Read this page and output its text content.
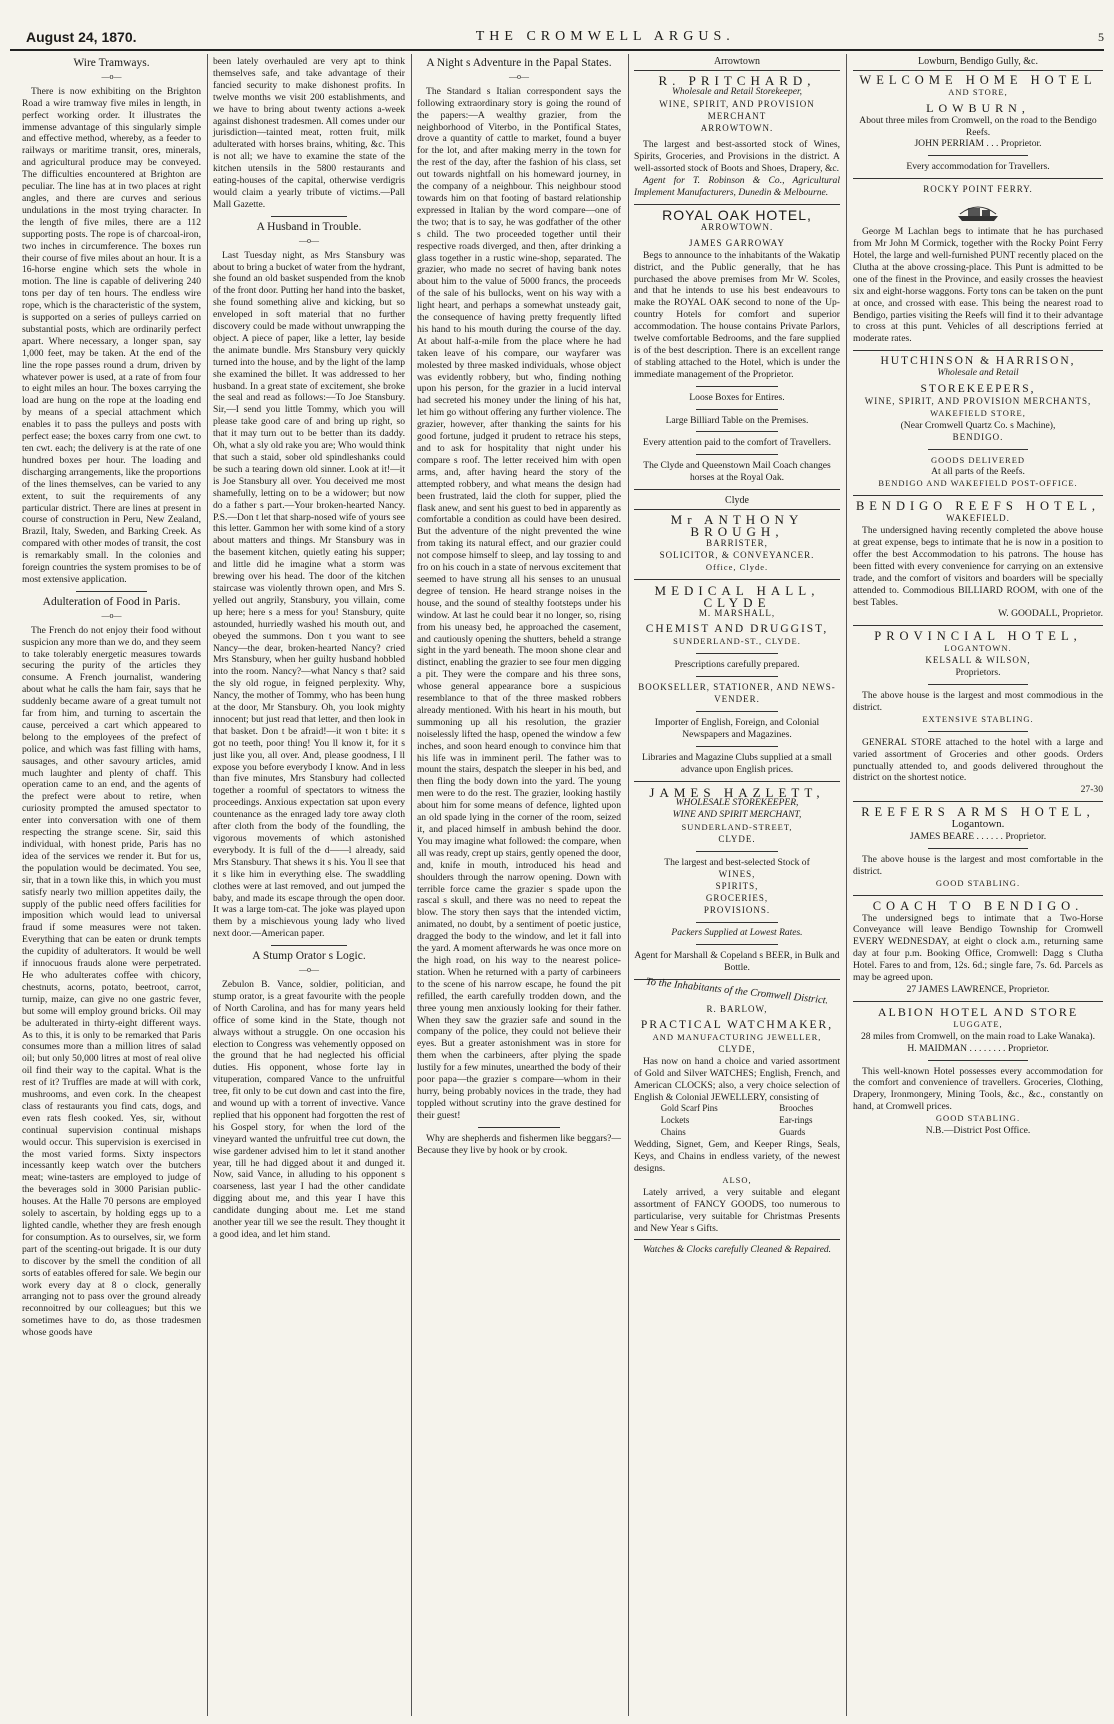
August 24, 1870.	THE CROMWELL ARGUS.	5
Wire Tramways.
—o—

There is now exhibiting on the Brighton Road a wire tramway five miles in length, in perfect working order. It illustrates the immense advantage of this singularly simple and effective method, whereby, as a feeder to railways or maritime transit, ores, minerals, and agricultural produce may be conveyed. The difficulties encountered at Brighton are peculiar. The line has at in two places at right angles, and there are curves and serious undulations in the most trying character. In the length of five miles, there are a 112 supporting posts. The rope is of charcoal-iron, two inches in circumference. The boxes run their course of five miles about an hour. It is a 16-horse engine which sets the whole in motion. The line is capable of delivering 240 tons per day of ten hours. The endless wire rope, which is the characteristic of the system, is supported on a series of pulleys carried on substantial posts, which are ordinarily perfect apart. Where necessary, a longer span, say 1,000 feet, may be taken. At the end of the line the rope passes round a drum, driven by whatever power is used, at a rate of from four to eight miles an hour. The boxes carrying the load are hung on the rope at the loading end by means of a special attachment which enables it to pass the pulleys and posts with perfect ease; the boxes carry from one cwt. to ten cwt. each; the delivery is at the rate of one hundred boxes per hour. The loading and discharging arrangements, like the proportions of the lines themselves, can be varied to any extent, to suit the requirements of any particular district. There are lines at present in course of construction in Peru, New Zealand, Brazil, Italy, Sweden, and Barking Creek. As compared with other modes of transit, the cost is remarkably small. In the colonies and foreign countries the system promises to be of most extensive application.

Adulteration of Food in Paris.
—o—

The French do not enjoy their food without suspicion any more than we do, and they seem to take tolerably energetic measures towards securing the purity of the articles they consume. A French journalist, wandering about what he calls the ham fair, says that he suddenly became aware of a great tumult not far from him, and turning to ascertain the cause, perceived a cart which appeared to belong to the employees of the prefect of police, and which was fast filling with hams, sausages, and other savoury articles, amid much laughter and plenty of chaff. This operation came to an end, and the agents of the prefect were about to retire, when curiosity prompted the amused spectator to enter into conversation with one of them respecting the strange scene. Sir, said this individual, with honest pride, Paris has no idea of the services we render it. But for us, the population would be decimated. You see, sir, that in a town like this, in which you must satisfy nearly two million appetites daily, the supply of the public need offers facilities for imposition which would lead to universal fraud if some measures were not taken. Everything that can be eaten or drunk tempts the cupidity of adulterators. It would be well if innocuous frauds alone were perpetrated. He who adulterates coffee with chicory, chestnuts, acorns, potato, beetroot, carrot, turnip, maize, can give no one gastric fever, but some will employ ground bricks. Oil may be adulterated in thirty-eight different ways. As to this, it is only to be remarked that Paris consumes more than a million litres of salad oil; but only 50,000 litres at most of real olive oil find their way to the capital. What is the rest of it? Truffles are made at will with cork, mushrooms, and even cork. In the cheapest class of restaurants you find cats, dogs, and even rats flesh cooked. Yes, sir, without continual supervision continual mishaps would occur. This supervision is exercised in the most varied forms. Sixty inspectors incessantly keep watch over the butchers meat; wine-tasters are employed to judge of the beverages sold in 3000 Parisian public-houses. At the Halle 70 persons are employed solely to ascertain, by holding eggs up to a lighted candle, whether they are fresh enough for consumption. As to ourselves, sir, we form part of the scenting-out brigade. It is our duty to discover by the smell the condition of all sorts of eatables offered for sale. We begin our work every day at 8 o clock, generally arranging not to pass over the ground already reconnoitred by our colleagues; but this we sometimes have to do, as those tradesmen whose goods have

been lately overhauled are very apt to think themselves safe, and take advantage of their fancied security to make dishonest profits. In twelve months we visit 200 establishments, and we have to bring about twenty actions a-week against dishonest tradesmen. All comes under our jurisdiction—tainted meat, rotten fruit, milk adulterated with horses brains, whiting, &c. This is not all; we have to examine the state of the kitchen utensils in the 5800 restaurants and eating-houses of the capital, otherwise verdigris would claim a yearly tribute of victims.—Pall Mall Gazette.

A Husband in Trouble.
—o—

Last Tuesday night, as Mrs Stansbury was about to bring a bucket of water from the hydrant, she found an old basket suspended from the knob of the front door. Putting her hand into the basket, she found something alive and kicking, but so enveloped in soft material that no further discovery could be made without unwrapping the object. A piece of paper, like a letter, lay beside the animate bundle. Mrs Stansbury very quickly turned into the house, and by the light of the lamp she examined the billet. It was addressed to her husband. In a great state of excitement, she broke the seal and read as follows:—To Joe Stansbury. Sir,—I send you little Tommy, which you will please take good care of and bring up right, so that it may turn out to be better than its daddy. Oh, what a sly old rake you are; Who would think that such a staid, sober old spindleshanks could be such a tearing down old sinner. Look at it!—it is Joe Stansbury all over. You deceived me most shamefully, letting on to be a widower; but now do a father s part.—Your broken-hearted Nancy. P.S.—Don t let that sharp-nosed wife of yours see this letter. Gammon her with some kind of a story about matters and things. Mr Stansbury was in the basement kitchen, quietly eating his supper; and little did he imagine what a storm was brewing over his head. The door of the kitchen staircase was violently thrown open, and Mrs S. yelled out angrily, Stansbury, you villain, come up here; here s a mess for you! Stansbury, quite astounded, hurriedly washed his mouth out, and obeyed the summons. Don t you want to see Nancy—the dear, broken-hearted Nancy? cried Mrs Stansbury, when her guilty husband hobbled into the room. Nancy?—what Nancy s that? said the sly old rogue, in feigned perplexity. Why, Nancy, the mother of Tommy, who has been hung at the door, Mr Stansbury. Oh, you look mighty innocent; but just read that letter, and then look in that basket. Don t be afraid!—it won t bite: it s got no teeth, poor thing! You ll know it, for it s just like you, all over. And, please goodness, I ll expose you before everybody I know. And in less than five minutes, Mrs Stansbury had collected together a roomful of spectators to witness the proceedings. Anxious expectation sat upon every countenance as the enraged lady tore away cloth after cloth from the body of the foundling, the vigorous movements of which astonished everybody. It is full of the d——l already, said Mrs Stansbury. That shews it s his. You ll see that it s like him in everything else. The swaddling clothes were at last removed, and out jumped the baby, and made its escape through the open door. It was a large tom-cat. The joke was played upon them by a mischievous young lady who lived next door.—American paper.

A Stump Orator s Logic.
—o—

Zebulon B. Vance, soldier, politician, and stump orator, is a great favourite with the people of North Carolina, and has for many years held office of some kind in the State, though not always without a struggle. On one occasion his election to Congress was vehemently opposed on the ground that he had neglected his official duties. His opponent, whose forte lay in vituperation, compared Vance to the unfruitful tree, fit only to be cut down and cast into the fire, and wound up with a torrent of invective. Vance replied that his opponent had forgotten the rest of his Gospel story, for when the lord of the vineyard wanted the unfruitful tree cut down, the wise gardener advised him to let it stand another year, till he had digged about it and dunged it. Now, said Vance, in alluding to his opponent s coarseness, last year I had the other candidate digging about me, and this year I have this candidate dunging about me. Let me stand another year till we see the result. They thought it a good idea, and let him stand.

A Night s Adventure in the Papal States.
—o—

The Standard s Italian correspondent says the following extraordinary story is going the round of the papers:—A wealthy grazier, from the neighborhood of Viterbo, in the Pontifical States, drove a quantity of cattle to market, found a buyer for the lot, and after making merry in the town for the rest of the day, after the fashion of his class, set out towards nightfall on his homeward journey, in the company of a neighbour. This neighbour stood towards him on that footing of bastard relationship expressed in Italian by the word compare—one of the two; that is to say, he was godfather of the other s child. The two proceeded together until their respective roads diverged, and then, after drinking a glass together in a rustic wine-shop, separated. The grazier, who made no secret of having bank notes about him to the value of 5000 francs, the proceeds of the sale of his bullocks, went on his way with a light heart, and perhaps a somewhat unsteady gait, the consequence of having pretty frequently lifted his hand to his mouth during the course of the day. At about half-a-mile from the place where he had taken leave of his compare, our wayfarer was molested by three masked individuals, whose object was evidently robbery, but who, finding nothing upon his person, for the grazier in a lucid interval had secreted his money under the lining of his hat, let him go without offering any further violence. The grazier, however, after thanking the saints for his good fortune, judged it prudent to retrace his steps, and to ask for hospitality that night under his compare s roof. The letter received him with open arms, and, after having heard the story of the attempted robbery, and what means the design had been frustrated, laid the cloth for supper, plied the flask anew, and sent his guest to bed in apparently as comfortable a condition as could have been desired. But the adventure of the night prevented the wine from taking its natural effect, and our grazier could not compose himself to sleep, and lay tossing to and fro on his couch in a state of nervous excitement that seemed to have strung all his senses to an unusual degree of tension. He heard strange noises in the house, and the sound of stealthy footsteps under his window. At last he could bear it no longer, so, rising from his uneasy bed, he approached the casement, and cautiously opening the shutters, beheld a strange sight in the yard beneath. The moon shone clear and distinct, enabling the grazier to see four men digging a pit. They were the compare and his three sons, whose general appearance bore a suspicious resemblance to that of the three masked robbers already mentioned. With his heart in his mouth, but summoning up all his resolution, the grazier noiselessly lifted the hasp, opened the window a few inches, and soon heard enough to convince him that his life was in imminent peril. The father was to mount the stairs, despatch the sleeper in his bed, and then fling the body down into the yard. The young men were to do the rest. The grazier, looking hastily about him for some means of defence, lighted upon an old spade lying in the corner of the room, seized it, and placed himself in ambush behind the door. You may imagine what followed: the compare, when all was ready, crept up stairs, gently opened the door, and, knife in mouth, introduced his head and shoulders through the narrow opening. Down with terrible force came the grazier s spade upon the rascal s skull, and there was no need to repeat the blow. The story then says that the intended victim, animated, no doubt, by a sentiment of poetic justice, dragged the body to the window, and let it fall into the yard. A moment afterwards he was once more on the high road, on his way to the nearest police-station. When he returned with a party of carbineers to the scene of his narrow escape, he found the pit refilled, the earth carefully trodden down, and the three young men anxiously looking for their father. When they saw the grazier safe and sound in the company of the police, they could not believe their eyes. But a greater astonishment was in store for them when the carbineers, after plying the spade lustily for a few minutes, unearthed the body of their poor papa—the grazier s compare—whom in their hurry, being probably novices in the trade, they had toppled without scrutiny into the grave destined for their guest!

Why are shepherds and fishermen like beggars?—Because they live by hook or by crook.

Arrowtown
R. PRITCHARD,
Wholesale and Retail Storekeeper,
WINE, SPIRIT, AND PROVISION MERCHANT
ARROWTOWN.

The largest and best-assorted stock of Wines, Spirits, Groceries, and Provisions in the district. A well-assorted stock of Boots and Shoes, Drapery, &c.

Agent for T. Robinson & Co., Agricultural Implement Manufacturers, Dunedin & Melbourne.

ROYAL OAK HOTEL,
ARROWTOWN.
JAMES GARROWAY

Begs to announce to the inhabitants of the Wakatip district, and the Public generally, that he has purchased the above premises from Mr W. Scoles, and that he intends to use his best endeavours to make the ROYAL OAK second to none of the Up-country Hotels for comfort and superior accommodation. The house contains Private Parlors, twelve comfortable Bedrooms, and the fare supplied is of the best description. There is an excellent range of stabling attached to the Hotel, which is under the immediate management of the Proprietor.

Loose Boxes for Entires.
Large Billiard Table on the Premises.
Every attention paid to the comfort of Travellers.
The Clyde and Queenstown Mail Coach changes horses at the Royal Oak.
Clyde
Mr ANTHONY BROUGH,
BARRISTER,
SOLICITOR, & CONVEYANCER.
Office, Clyde.
MEDICAL HALL, CLYDE
M. MARSHALL,
CHEMIST AND DRUGGIST,
SUNDERLAND-ST., CLYDE.
Prescriptions carefully prepared.
BOOKSELLER, STATIONER, AND NEWS-VENDER.
Importer of English, Foreign, and Colonial Newspapers and Magazines.
Libraries and Magazine Clubs supplied at a small advance upon English prices.
JAMES HAZLETT,
WHOLESALE STOREKEEPER,
WINE AND SPIRIT MERCHANT,
SUNDERLAND-STREET,
CLYDE.
The largest and best-selected Stock of
WINES,
SPIRITS,
GROCERIES,
PROVISIONS.
Packers Supplied at Lowest Rates.
Agent for Marshall & Copeland s BEER, in Bulk and Bottle.
To the Inhabitants of the Cromwell District.
R. BARLOW,
PRACTICAL WATCHMAKER,
AND MANUFACTURING JEWELLER,
CLYDE,

Has now on hand a choice and varied assortment of Gold and Silver WATCHES; English, French, and American CLOCKS; also, a very choice selection of English & Colonial JEWELLERY, consisting of

Gold Scarf Pins
Lockets
Chains
Brooches
Ear-rings
Guards

Wedding, Signet, Gem, and Keeper Rings, Seals, Keys, and Chains in endless variety, of the newest designs.

ALSO,

Lately arrived, a very suitable and elegant assortment of FANCY GOODS, too numerous to particularise, very suitable for Christmas Presents and New Year s Gifts.

Watches & Clocks carefully Cleaned & Repaired.
Lowburn, Bendigo Gully, &c.
WELCOME HOME HOTEL
AND STORE,
LOWBURN,
About three miles from Cromwell, on the road to the Bendigo Reefs.
JOHN PERRIAM . . . Proprietor.
Every accommodation for Travellers.
ROCKY POINT FERRY.

George M Lachlan begs to intimate that he has purchased from Mr John M Cormick, together with the Rocky Point Ferry Hotel, the large and well-furnished PUNT recently placed on the Clutha at the above crossing-place. This Punt is admitted to be one of the finest in the Province, and easily crosses the heaviest six and eight-horse waggons. Forty tons can be taken on the punt at once, and crossed with ease. This being the nearest road to Bendigo, parties visiting the Reefs will find it to their advantage to cross at this punt. Vehicles of all descriptions ferried at moderate rates.

HUTCHINSON & HARRISON,
Wholesale and Retail
STOREKEEPERS,
WINE, SPIRIT, AND PROVISION MERCHANTS,
WAKEFIELD STORE,
(Near Cromwell Quartz Co. s Machine),
BENDIGO.
GOODS DELIVERED
At all parts of the Reefs.
BENDIGO AND WAKEFIELD POST-OFFICE.
BENDIGO REEFS HOTEL,
WAKEFIELD.

The undersigned having recently completed the above house at great expense, begs to intimate that he is now in a position to offer the best Accommodation to his patrons. The house has been fitted with every convenience for carrying on an extensive trade, and the comfort of visitors and boarders will be specially attended to. Commodious BILLIARD ROOM, with one of the best Tables.

W. GOODALL, Proprietor.
PROVINCIAL HOTEL,
LOGANTOWN.
KELSALL & WILSON,
Proprietors.

The above house is the largest and most commodious in the district.

EXTENSIVE STABLING.

GENERAL STORE attached to the hotel with a large and varied assortment of Groceries and other goods. Orders punctually attended to, and goods delivered throughout the district on the shortest notice.

27-30
REEFERS ARMS HOTEL,
Logantown.
JAMES BEARE . . . . . . Proprietor.

The above house is the largest and most comfortable in the district.

GOOD STABLING.
COACH TO BENDIGO.

The undersigned begs to intimate that a Two-Horse Conveyance will leave Bendigo Township for Cromwell EVERY WEDNESDAY, at eight o clock a.m., returning same day at four p.m. Booking Office, Cromwell: Dagg s Clutha Hotel. Fares to and from, 12s. 6d.; single fare, 7s. 6d. Parcels as may be agreed upon.

27 JAMES LAWRENCE, Proprietor.
ALBION HOTEL AND STORE
LUGGATE,
28 miles from Cromwell, on the main road to Lake Wanaka).
H. MAIDMAN . . . . . . . . Proprietor.

This well-known Hotel possesses every accommodation for the comfort and convenience of travellers. Groceries, Clothing, Drapery, Ironmongery, Mining Tools, &c., &c., constantly on hand, at Cromwell prices.

GOOD STABLING.
N.B.—District Post Office.
